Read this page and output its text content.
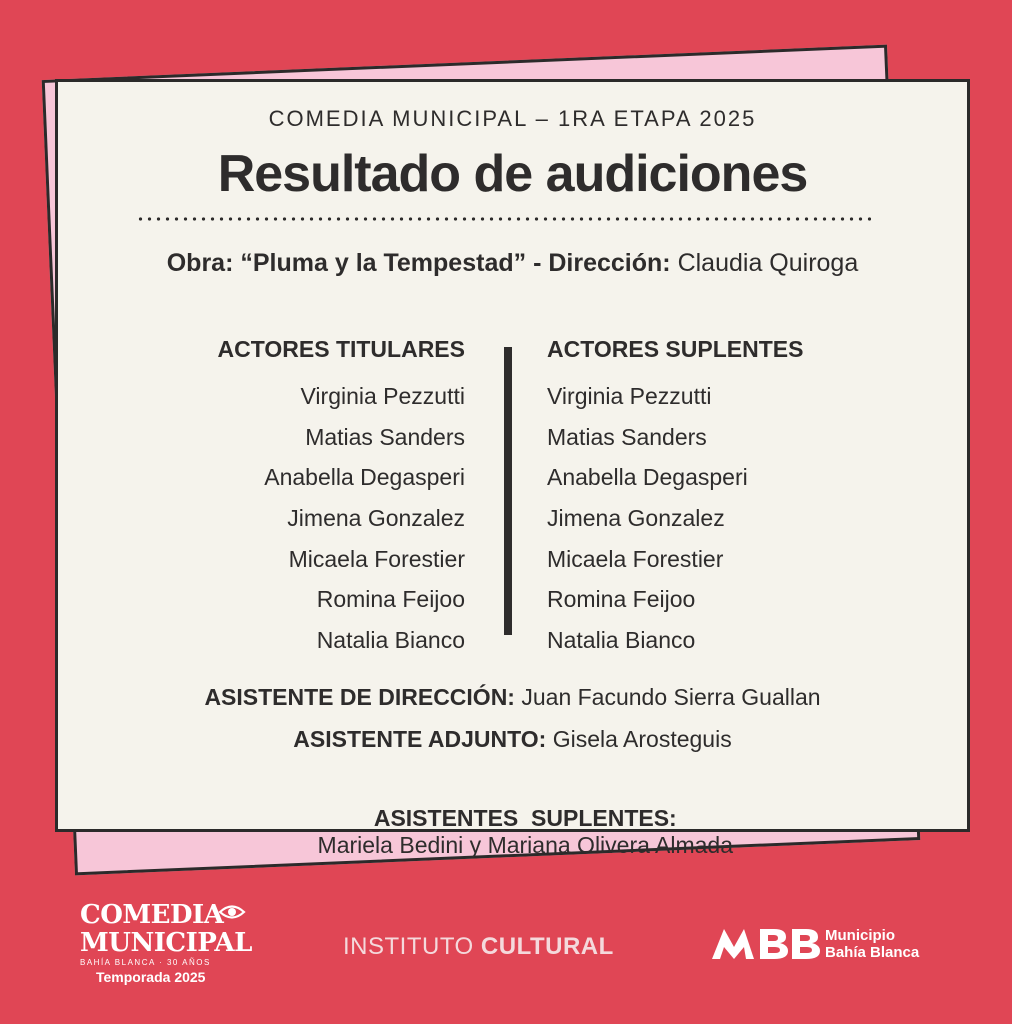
COMEDIA MUNICIPAL – 1RA ETAPA 2025
Resultado de audiciones
Obra: “Pluma y la Tempestad” - Dirección: Claudia Quiroga
ACTORES TITULARES
Virginia Pezzutti
Matias Sanders
Anabella Degasperi
Jimena Gonzalez
Micaela Forestier
Romina Feijoo
Natalia Bianco
ACTORES SUPLENTES
Virginia Pezzutti
Matias Sanders
Anabella Degasperi
Jimena Gonzalez
Micaela Forestier
Romina Feijoo
Natalia Bianco
ASISTENTE DE DIRECCIÓN: Juan Facundo Sierra Guallan
ASISTENTE ADJUNTO: Gisela Arosteguis

ASISTENTES  SUPLENTES:
Mariela Bedini y Mariana Olivera Almada

COMEDIA
MUNICIPAL
BAHÍA BLANCA · 30 AÑOS
Temporada 2025
INSTITUTO CULTURAL	Municipio
Bahía Blanca
